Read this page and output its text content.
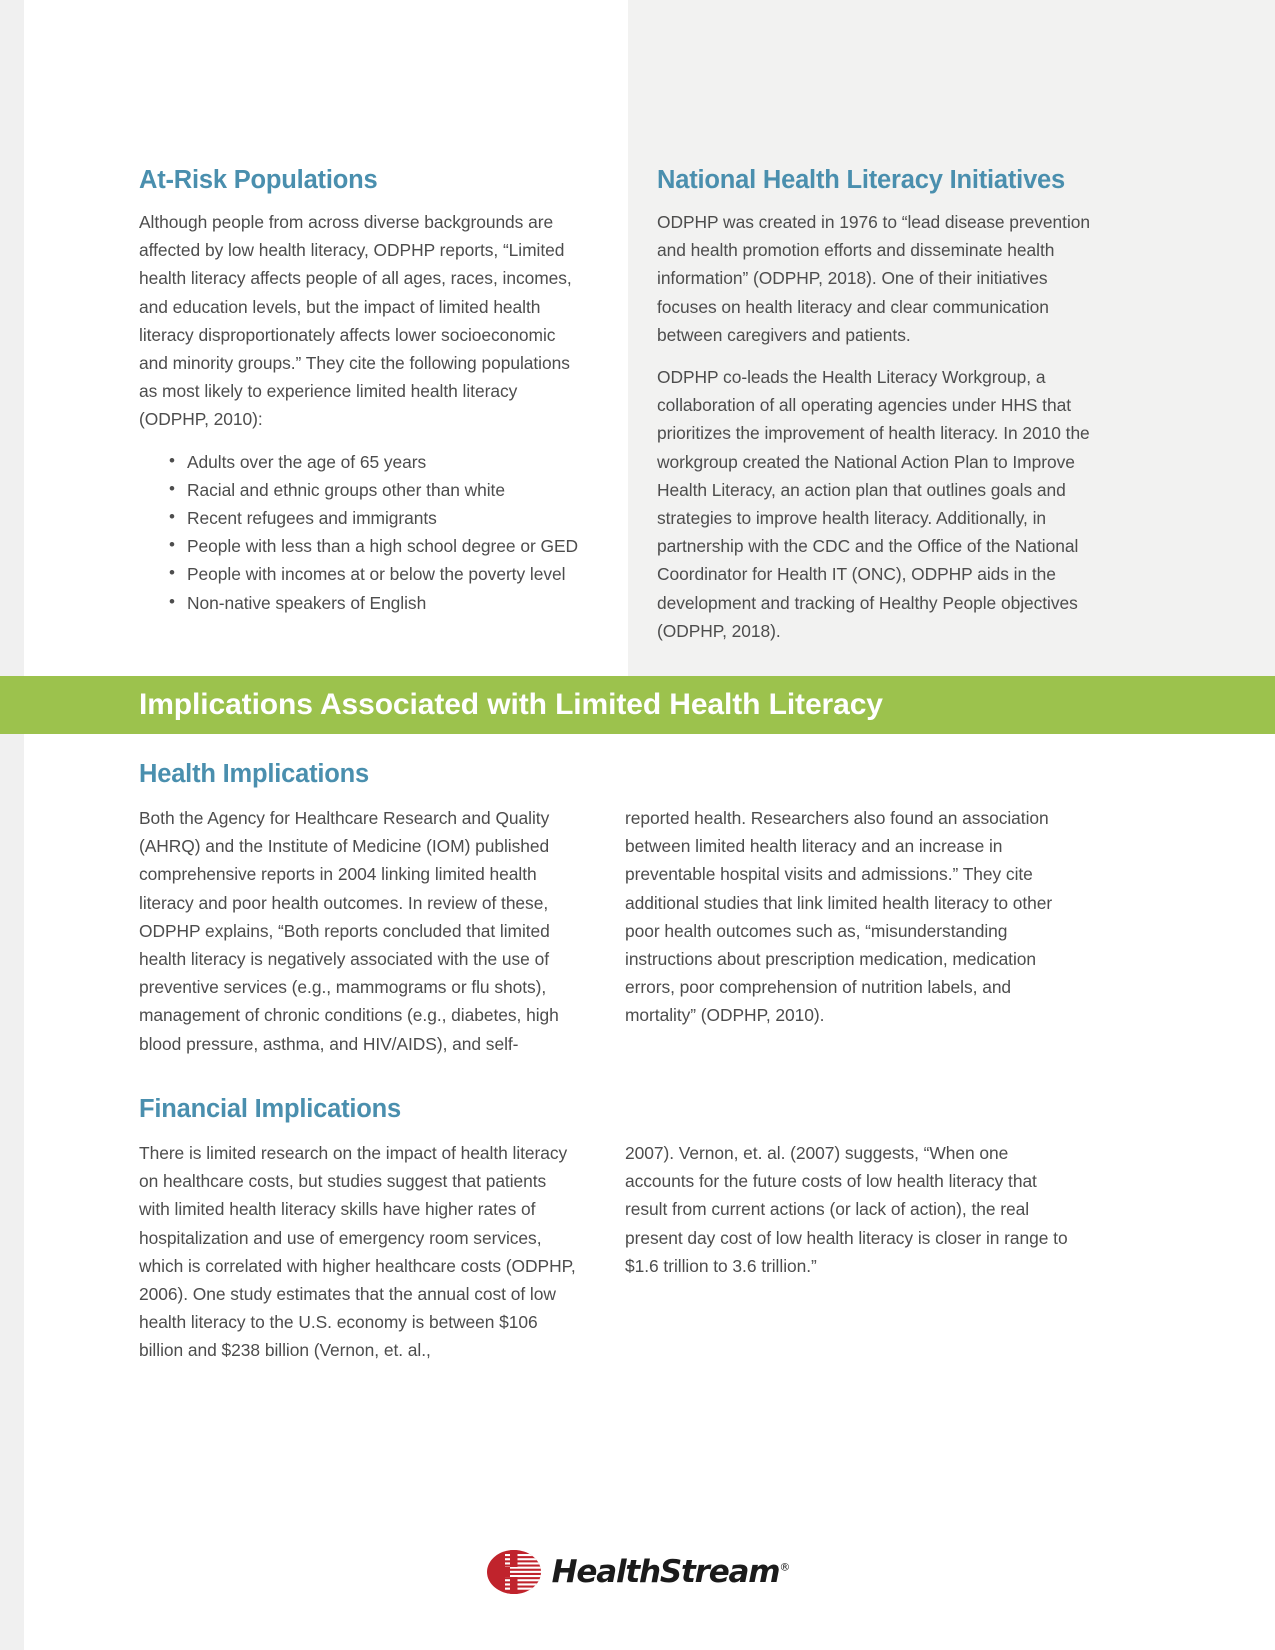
At-Risk Populations

Although people from across diverse backgrounds are affected by low health literacy, ODPHP reports, “Limited health literacy affects people of all ages, races, incomes, and education levels, but the impact of limited health literacy disproportionately affects lower socioeconomic and minority groups.” They cite the following populations as most likely to experience limited health literacy (ODPHP, 2010):

• Adults over the age of 65 years
• Racial and ethnic groups other than white
• Recent refugees and immigrants
• People with less than a high school degree or GED
• People with incomes at or below the poverty level
• Non-native speakers of English
National Health Literacy Initiatives

ODPHP was created in 1976 to “lead disease prevention and health promotion efforts and disseminate health information” (ODPHP, 2018). One of their initiatives focuses on health literacy and clear communication between caregivers and patients.

ODPHP co-leads the Health Literacy Workgroup, a collaboration of all operating agencies under HHS that prioritizes the improvement of health literacy. In 2010 the workgroup created the National Action Plan to Improve Health Literacy, an action plan that outlines goals and strategies to improve health literacy. Additionally, in partnership with the CDC and the Office of the National Coordinator for Health IT (ONC), ODPHP aids in the development and tracking of Healthy People objectives (ODPHP, 2018).

Implications Associated with Limited Health Literacy
Health Implications

Both the Agency for Healthcare Research and Quality (AHRQ) and the Institute of Medicine (IOM) published comprehensive reports in 2004 linking limited health literacy and poor health outcomes. In review of these, ODPHP explains, “Both reports concluded that limited health literacy is negatively associated with the use of preventive services (e.g., mammograms or flu shots), management of chronic conditions (e.g., diabetes, high blood pressure, asthma, and HIV/AIDS), and self-

reported health. Researchers also found an association between limited health literacy and an increase in preventable hospital visits and admissions.” They cite additional studies that link limited health literacy to other poor health outcomes such as, “misunderstanding instructions about prescription medication, medication errors, poor comprehension of nutrition labels, and mortality” (ODPHP, 2010).

Financial Implications

There is limited research on the impact of health literacy on healthcare costs, but studies suggest that patients with limited health literacy skills have higher rates of hospitalization and use of emergency room services, which is correlated with higher healthcare costs (ODPHP, 2006). One study estimates that the annual cost of low health literacy to the U.S. economy is between $106 billion and $238 billion (Vernon, et. al.,

2007). Vernon, et. al. (2007) suggests, “When one accounts for the future costs of low health literacy that result from current actions (or lack of action), the real present day cost of low health literacy is closer in range to $1.6 trillion to 3.6 trillion.”

HealthStream®
